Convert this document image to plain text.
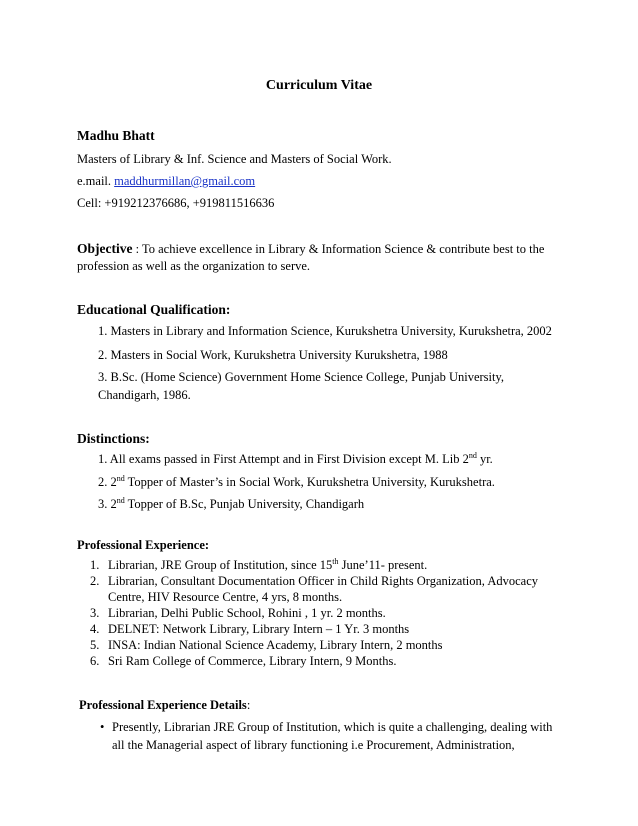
Curriculum Vitae
Madhu Bhatt
Masters of Library & Inf. Science and Masters of Social Work.
e.mail. maddhurmillan@gmail.com
Cell: +919212376686, +919811516636
Objective : To achieve excellence in Library & Information Science & contribute best to the
profession as well as the organization to serve.
Educational Qualification:
1. Masters in Library and Information Science, Kurukshetra University, Kurukshetra, 2002
2. Masters in Social Work, Kurukshetra University Kurukshetra, 1988
3. B.Sc. (Home Science) Government Home Science College, Punjab University,
Chandigarh, 1986.
Distinctions:
1. All exams passed in First Attempt and in First Division except M. Lib 2nd yr.
2. 2nd Topper of Master’s in Social Work, Kurukshetra University, Kurukshetra.
3. 2nd Topper of B.Sc, Punjab University, Chandigarh
Professional Experience:
1. Librarian, JRE Group of Institution, since 15th June’11- present.
2. Librarian, Consultant Documentation Officer in Child Rights Organization, Advocacy
Centre, HIV Resource Centre, 4 yrs, 8 months.
3. Librarian, Delhi Public School, Rohini , 1 yr. 2 months.
4. DELNET: Network Library, Library Intern – 1 Yr. 3 months
5. INSA: Indian National Science Academy, Library Intern, 2 months
6. Sri Ram College of Commerce, Library Intern, 9 Months.
Professional Experience Details:
• Presently, Librarian JRE Group of Institution, which is quite a challenging, dealing with
all the Managerial aspect of library functioning i.e Procurement, Administration,
